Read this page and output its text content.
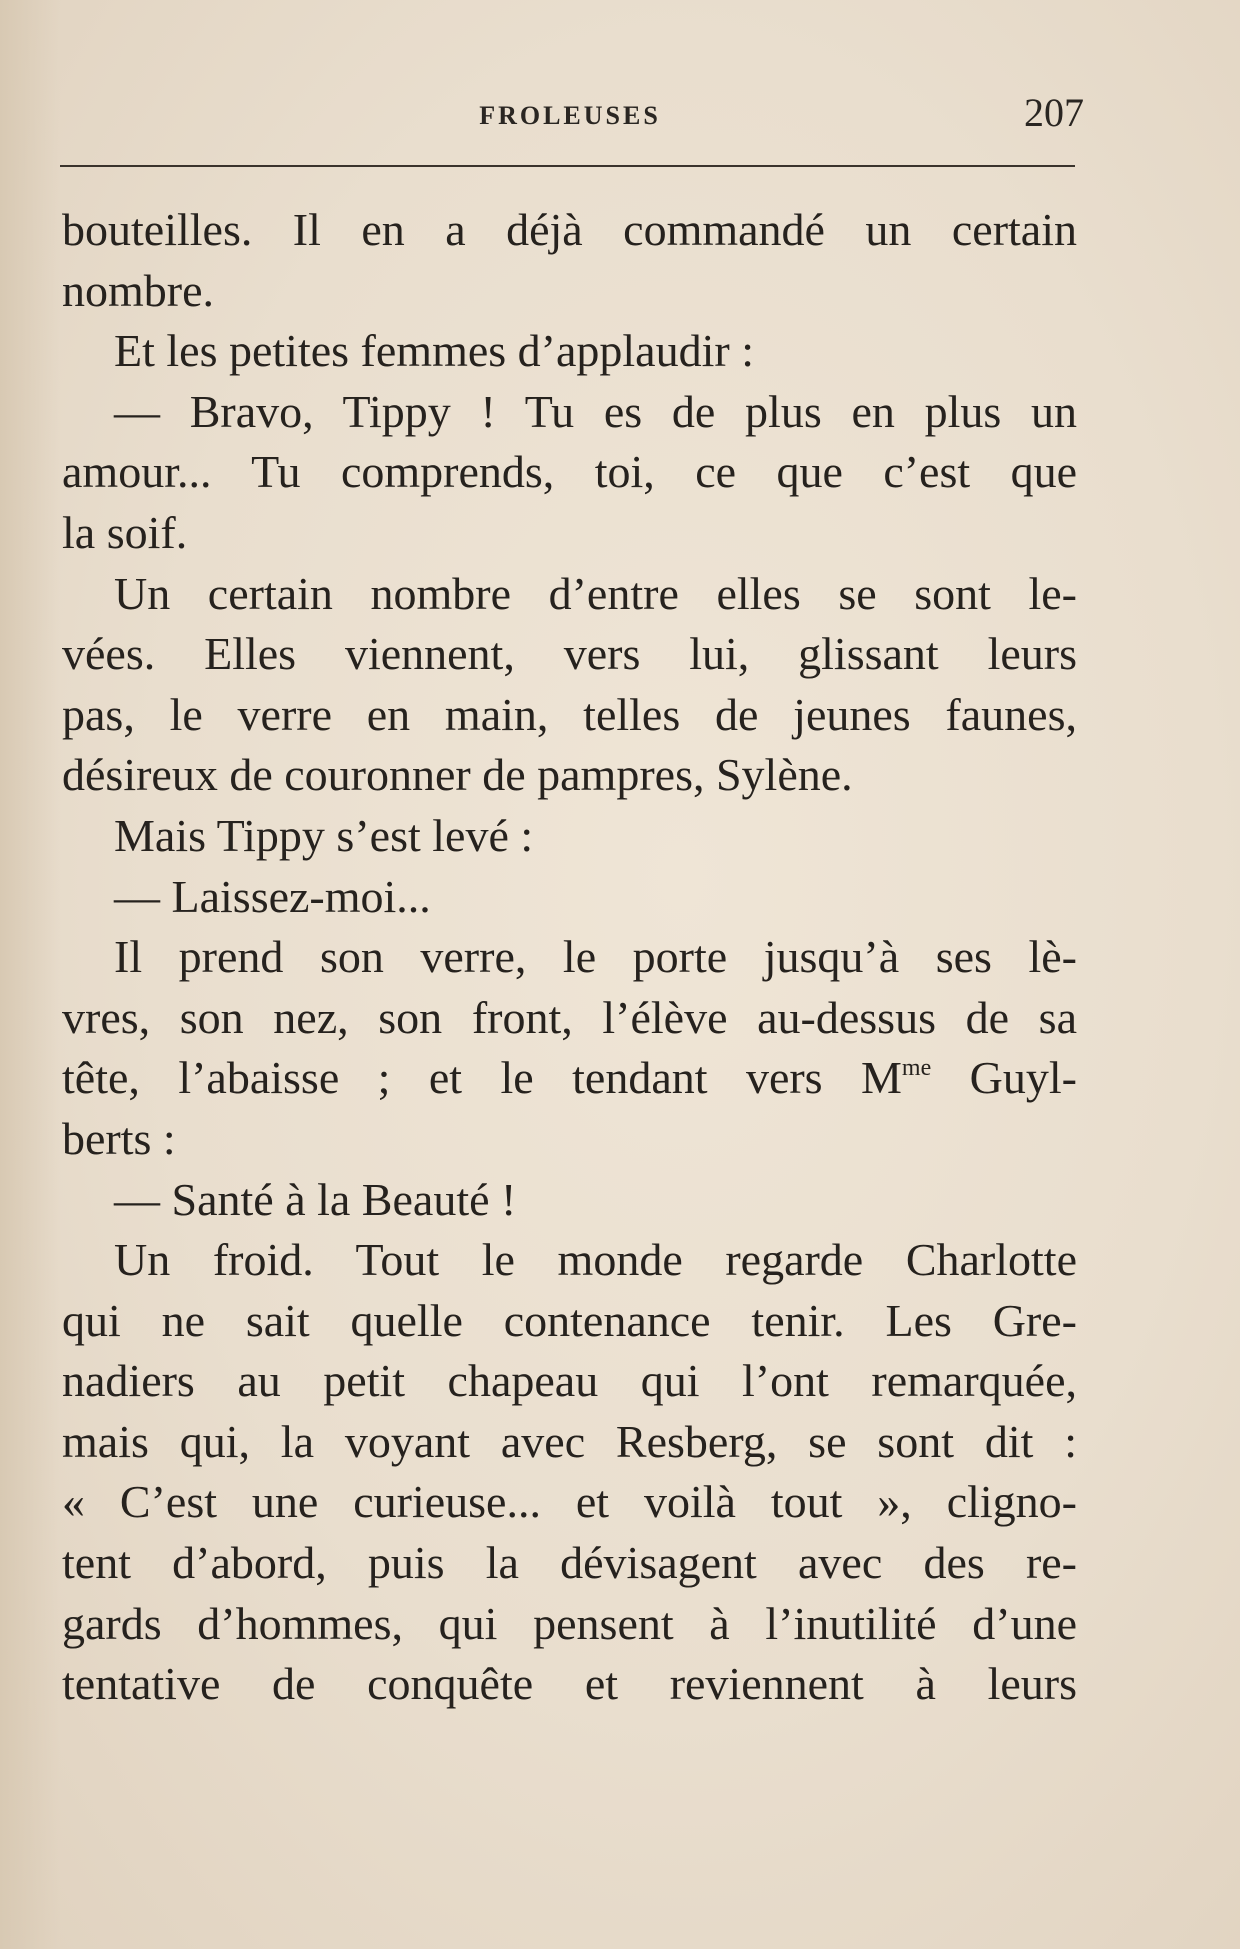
FROLEUSES	207
bouteilles. Il en a déjà commandé un certain
nombre.
Et les petites femmes d’applaudir :
— Bravo, Tippy ! Tu es de plus en plus un
amour... Tu comprends, toi, ce que c’est que
la soif.
Un certain nombre d’entre elles se sont le-
vées. Elles viennent, vers lui, glissant leurs
pas, le verre en main, telles de jeunes faunes,
désireux de couronner de pampres, Sylène.
Mais Tippy s’est levé :
— Laissez-moi...
Il prend son verre, le porte jusqu’à ses lè-
vres, son nez, son front, l’élève au-dessus de sa
tête, l’abaisse ; et le tendant vers $M^{me}$ Guyl-
berts :
— Santé à la Beauté !
Un froid. Tout le monde regarde Charlotte
qui ne sait quelle contenance tenir. Les Gre-
nadiers au petit chapeau qui l’ont remarquée,
mais qui, la voyant avec Resberg, se sont dit :
« C’est une curieuse... et voilà tout », cligno-
tent d’abord, puis la dévisagent avec des re-
gards d’hommes, qui pensent à l’inutilité d’une
tentative de conquête et reviennent à leurs
